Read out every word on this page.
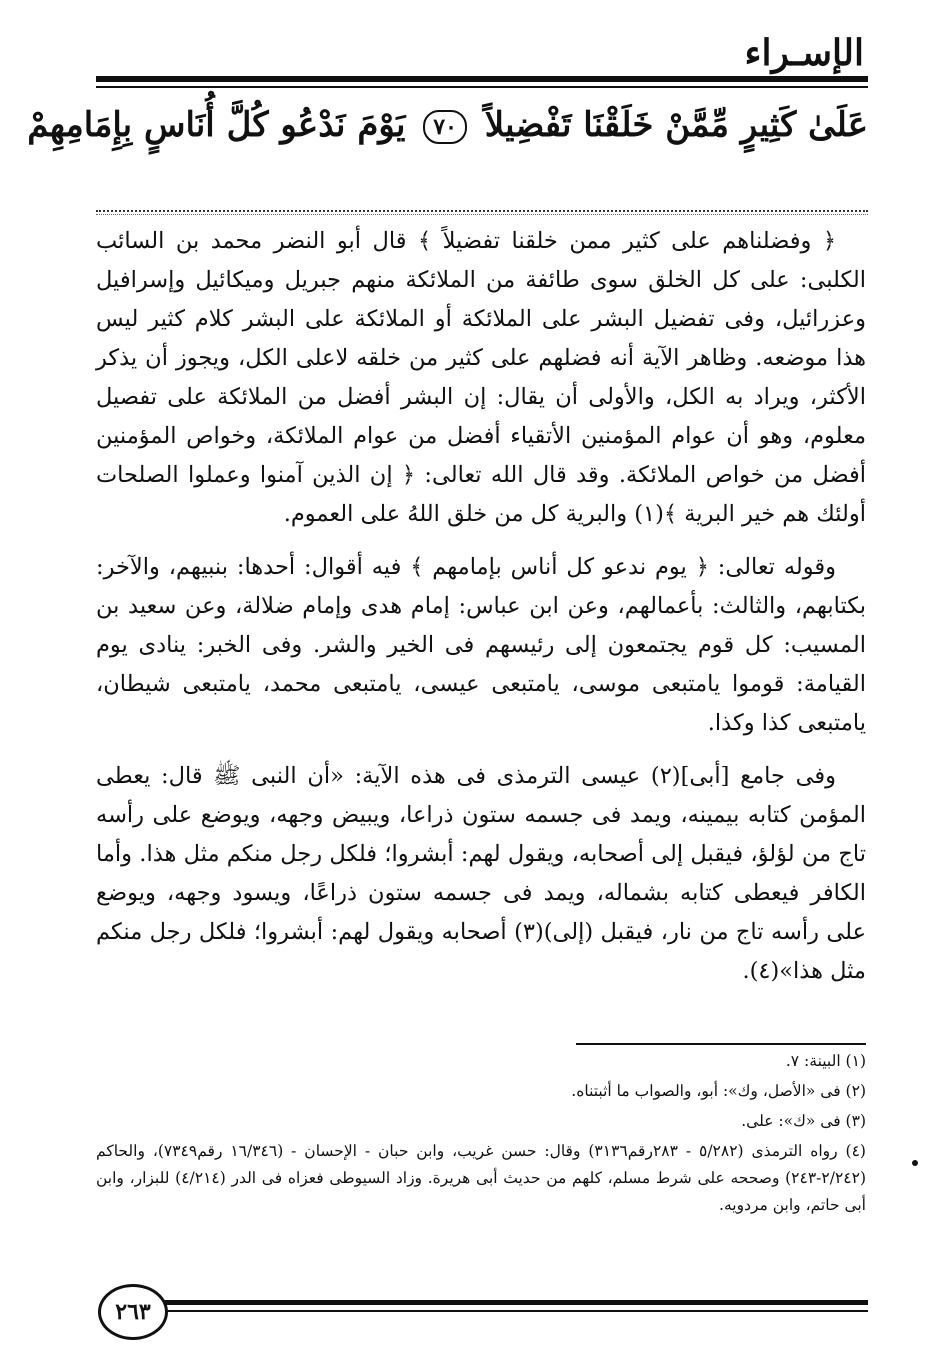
الإسـراء
عَلَىٰ كَثِيرٍ مِّمَّنْ خَلَقْنَا تَفْضِيلاً ٧٠ يَوْمَ نَدْعُو كُلَّ أُنَاسٍ بِإِمَامِهِمْ

﴿ وفضلناهم على كثير ممن خلقنا تفضيلاً ﴾ قال أبو النضر محمد بن السائب الكلبى: على كل الخلق سوى طائفة من الملائكة منهم جبريل وميكائيل وإسرافيل وعزرائيل، وفى تفضيل البشر على الملائكة أو الملائكة على البشر كلام كثير ليس هذا موضعه. وظاهر الآية أنه فضلهم على كثير من خلقه لاعلى الكل، ويجوز أن يذكر الأكثر، ويراد به الكل، والأولى أن يقال: إن البشر أفضل من الملائكة على تفصيل معلوم، وهو أن عوام المؤمنين الأتقياء أفضل من عوام الملائكة، وخواص المؤمنين أفضل من خواص الملائكة. وقد قال الله تعالى: ﴿ إن الذين آمنوا وعملوا الصلحات أولئك هم خير البرية ﴾(١) والبرية كل من خلق اللهُ على العموم.

وقوله تعالى: ﴿ يوم ندعو كل أناس بإمامهم ﴾ فيه أقوال: أحدها: بنبيهم، والآخر: بكتابهم، والثالث: بأعمالهم، وعن ابن عباس: إمام هدى وإمام ضلالة، وعن سعيد بن المسيب: كل قوم يجتمعون إلى رئيسهم فى الخير والشر. وفى الخبر: ينادى يوم القيامة: قوموا يامتبعى موسى، يامتبعى عيسى، يامتبعى محمد، يامتبعى شيطان، يامتبعى كذا وكذا.

وفى جامع [أبى](٢) عيسى الترمذى فى هذه الآية: «أن النبى ﷺ قال: يعطى المؤمن كتابه بيمينه، ويمد فى جسمه ستون ذراعا، ويبيض وجهه، ويوضع على رأسه تاج من لؤلؤ، فيقبل إلى أصحابه، ويقول لهم: أبشروا؛ فلكل رجل منكم مثل هذا. وأما الكافر فيعطى كتابه بشماله، ويمد فى جسمه ستون ذراعًا، ويسود وجهه، ويوضع على رأسه تاج من نار، فيقبل (إلى)(٣) أصحابه ويقول لهم: أبشروا؛ فلكل رجل منكم مثل هذا»(٤).

(١) البينة: ٧.
(٢) فى «الأصل، وك»: أبو، والصواب ما أثبتناه.
(٣) فى «ك»: على.
(٤) رواه الترمذى (٥/٢٨٢ - ٢٨٣رقم٣١٣٦) وقال: حسن غريب، وابن حبان - الإحسان - (١٦/٣٤٦ رقم٧٣٤٩)، والحاكم (٢/٢٤٢-٢٤٣) وصححه على شرط مسلم، كلهم من حديث أبى هريرة. وزاد السيوطى فعزاه فى الدر (٤/٢١٤) للبزار، وابن أبى حاتم، وابن مردويه.
٢٦٣
